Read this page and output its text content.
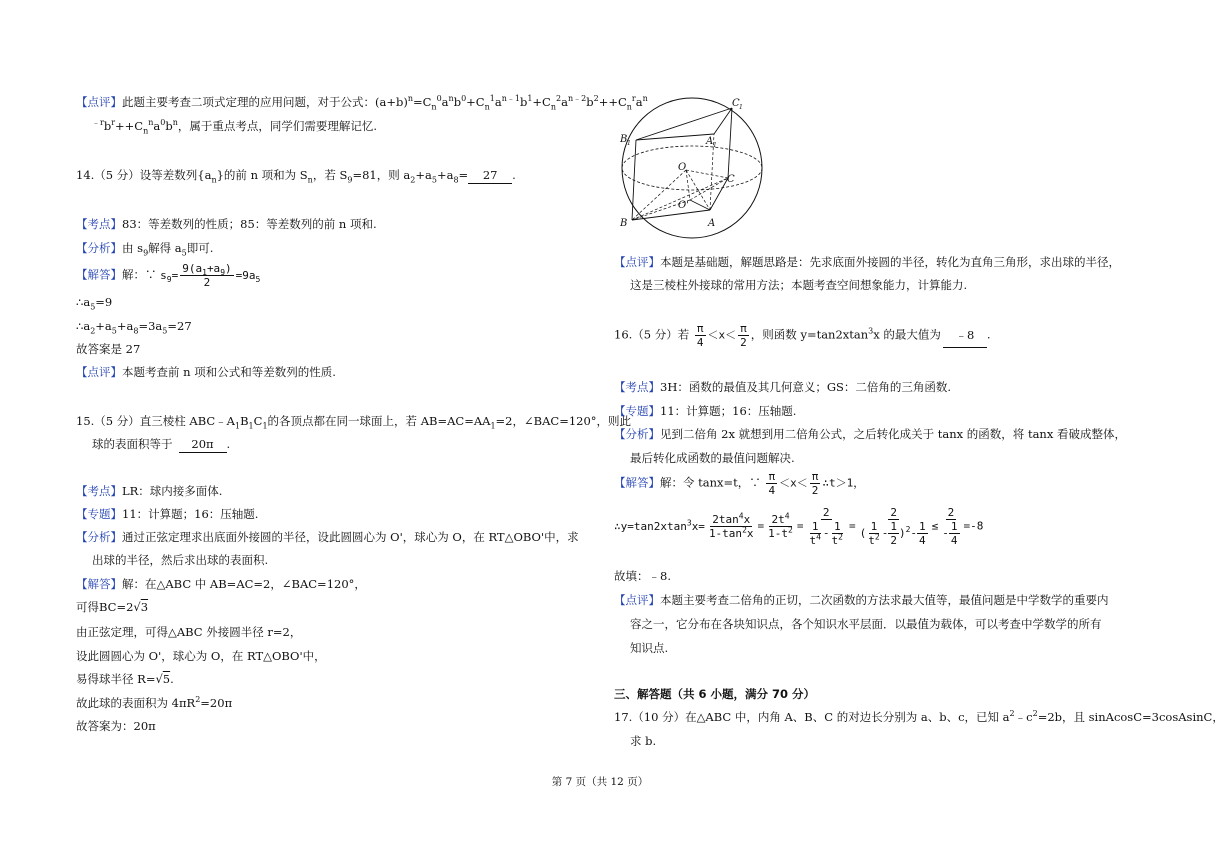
【点评】此题主要考查二项式定理的应用问题，对于公式：$(a+b)^n=C_n^0a^nb^0+C_n^1a^{n﹣1}b^1+C_n^2a^{n﹣2}b^2++C_n^ra^n$
$^{﹣r}b^r++C_n^na^0b^n$，属于重点考点，同学们需要理解记忆.
14.（5 分）设等差数列$\{a_n\}$的前 n 项和为 $S_n$，若 $S_9=81$，则 $a_2+a_5+a_8= 27$ .
【考点】83：等差数列的性质；85：等差数列的前 n 项和.
【分析】由 $s_9$解得 $a_5$即可.
【解答】解：∵ $s_9= \frac{9(a_1+a_9)}{2} =9a_5$
$\therefore a_5=9$
$\therefore a_2+a_5+a_8=3a_5=27$
故答案是 27
【点评】本题考查前 n 项和公式和等差数列的性质.
15.（5 分）直三棱柱 $ABC﹣A_1B_1C_1$的各顶点都在同一球面上，若 $AB=AC=AA_1=2$，∠BAC=120°，则此
球的表面积等于 20π .
【考点】LR：球内接多面体.
【专题】11：计算题；16：压轴题.
【分析】通过正弦定理求出底面外接圆的半径，设此圆圆心为 O'，球心为 O，在 RT△OBO'中，求
出球的半径，然后求出球的表面积.
【解答】解：在△ABC 中 AB=AC=2，∠BAC=120°，
可得BC=2√3
由正弦定理，可得△ABC 外接圆半径 r=2，
设此圆圆心为 O'，球心为 O，在 RT△OBO'中，
易得球半径 R=√5.
故此球的表面积为 $4\pi R^2=20\pi$
故答案为：20π
C 1
B 1	A 1
O
C
O'
B	A
【点评】本题是基础题，解题思路是：先求底面外接圆的半径，转化为直角三角形，求出球的半径，
这是三棱柱外接球的常用方法；本题考查空间想象能力，计算能力.
16.（5 分）若 $\frac{\pi}{4} <x< \frac{\pi}{2}$ ，则函数 y=tan2xtan$^3$x 的最大值为 ﹣8 .
【考点】3H：函数的最值及其几何意义；GS：二倍角的三角函数.
【专题】11：计算题；16：压轴题.
【分析】见到二倍角 2x 就想到用二倍角公式，之后转化成关于 tanx 的函数，将 tanx 看破成整体，
最后转化成函数的最值问题解决.
【解答】解：令 tanx=t，∵ $\frac{\pi}{4} <x< \frac{\pi}{2}$ ∴t＞1，
∴y=tan2xtan$^3$x= $\frac{2\tan^4x}{1-\tan^2x} = \frac{2t^4}{1-t^2} = \frac{2}{\frac{1}{t^4} - \frac{1}{t^2}} = \frac{2}{( \frac{1}{t^2} - \frac{1}{2} )^2- \frac{1}{4}} \le \frac{2}{- \frac{1}{4}} =-8$
故填：﹣8.
【点评】本题主要考查二倍角的正切，二次函数的方法求最大值等，最值问题是中学数学的重要内
容之一，它分布在各块知识点，各个知识水平层面．以最值为载体，可以考查中学数学的所有
知识点.
三、解答题（共 6 小题，满分 70 分）
17.（10 分）在△ABC 中，内角 A、B、C 的对边长分别为 a、b、c，已知 $a^2﹣c^2=2b$，且 sinAcosC=3cosAsinC，
求 b.
第 7 页（共 12 页）
